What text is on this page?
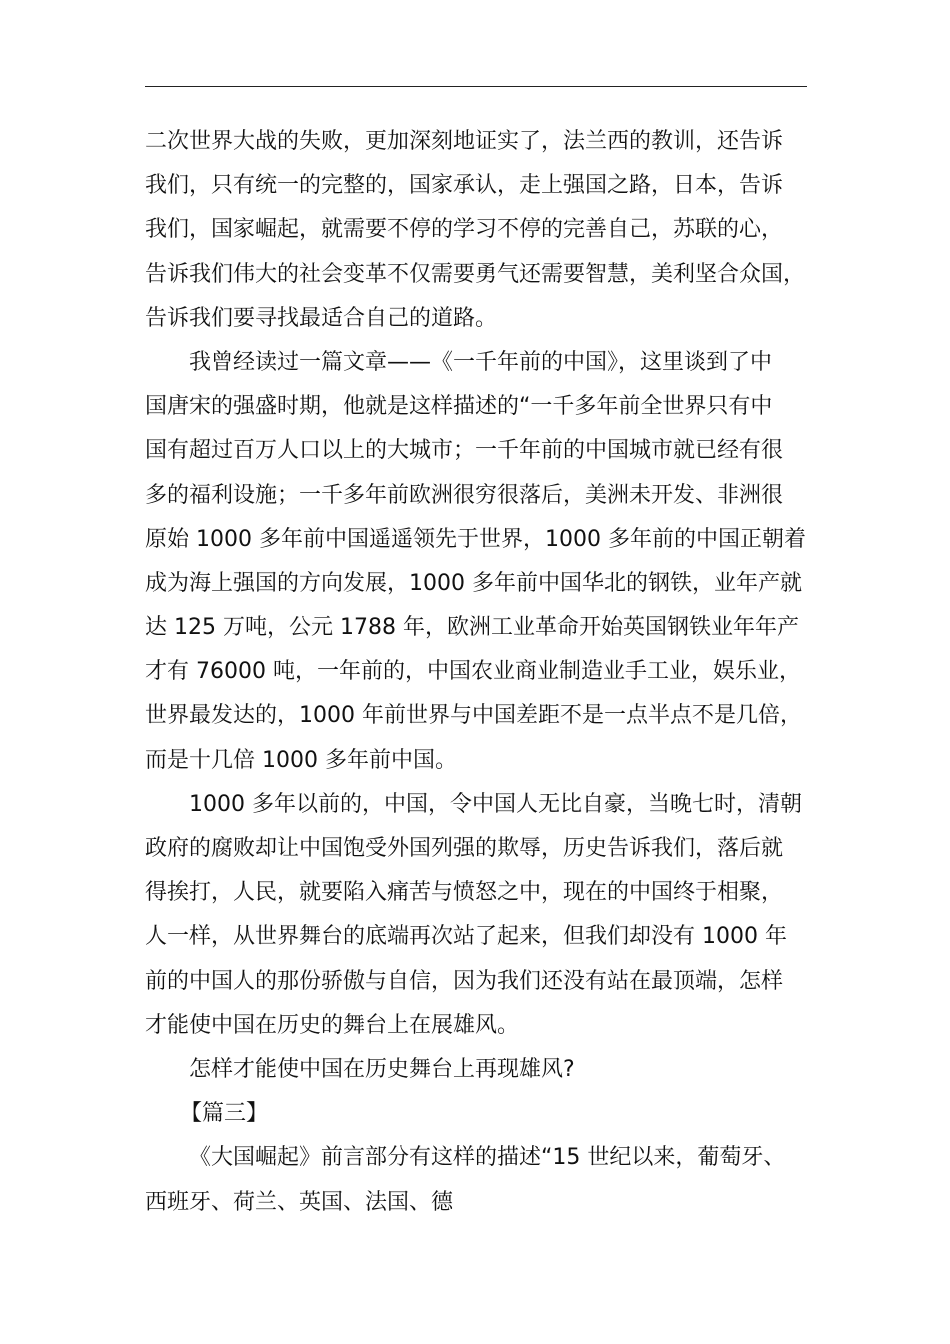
二次世界大战的失败，更加深刻地证实了，法兰西的教训，还告诉
我们，只有统一的完整的，国家承认，走上强国之路，日本，告诉
我们，国家崛起，就需要不停的学习不停的完善自己，苏联的心，
告诉我们伟大的社会变革不仅需要勇气还需要智慧，美利坚合众国，
告诉我们要寻找最适合自己的道路。
我曾经读过一篇文章——《一千年前的中国》，这里谈到了中
国唐宋的强盛时期，他就是这样描述的“一千多年前全世界只有中
国有超过百万人口以上的大城市；一千年前的中国城市就已经有很
多的福利设施；一千多年前欧洲很穷很落后，美洲未开发、非洲很
原始 1000 多年前中国遥遥领先于世界，1000 多年前的中国正朝着
成为海上强国的方向发展，1000 多年前中国华北的钢铁，业年产就
达 125 万吨，公元 1788 年，欧洲工业革命开始英国钢铁业年年产
才有 76000 吨，一年前的，中国农业商业制造业手工业，娱乐业，
世界最发达的，1000 年前世界与中国差距不是一点半点不是几倍，
而是十几倍 1000 多年前中国。
1000 多年以前的，中国，令中国人无比自豪，当晚七时，清朝
政府的腐败却让中国饱受外国列强的欺辱，历史告诉我们，落后就
得挨打，人民，就要陷入痛苦与愤怒之中，现在的中国终于相聚，
人一样，从世界舞台的底端再次站了起来，但我们却没有 1000 年
前的中国人的那份骄傲与自信，因为我们还没有站在最顶端，怎样
才能使中国在历史的舞台上在展雄风。
怎样才能使中国在历史舞台上再现雄风?
【篇三】
《大国崛起》前言部分有这样的描述“15 世纪以来，葡萄牙、
西班牙、荷兰、英国、法国、德
